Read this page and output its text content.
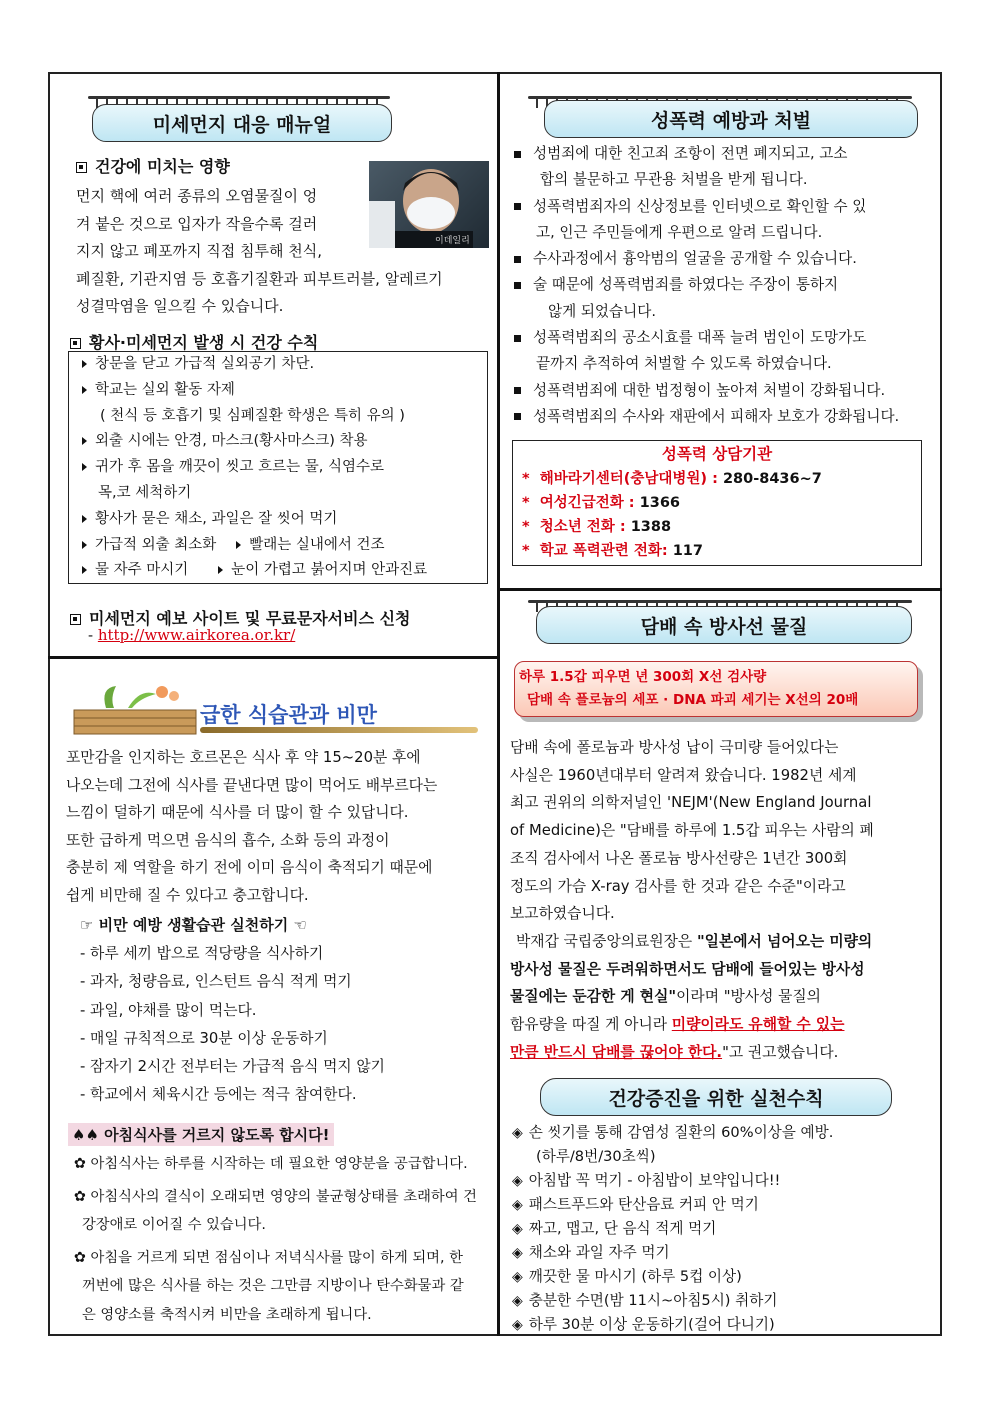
미세먼지 대응 매뉴얼
건강에 미치는 영향
먼지 핵에 여러 종류의 오염물질이 엉
겨 붙은 것으로 입자가 작을수록 걸러
지지 않고 폐포까지 직접 침투해 천식,
폐질환, 기관지염 등 호흡기질환과 피부트러블, 알레르기
성결막염을 일으킬 수 있습니다.
이데일리
황사·미세먼지 발생 시 건강 수칙
창문을 닫고 가급적 실외공기 차단.
학교는 실외 활동 자제
( 천식 등 호흡기 및 심폐질환 학생은 특히 유의 )
외출 시에는 안경, 마스크(황사마스크) 착용
귀가 후 몸을 깨끗이 씻고 흐르는 물, 식염수로
목,코 세척하기
황사가 묻은 채소, 과일은 잘 씻어 먹기
가급적 외출 최소화 빨래는 실내에서 건조
물 자주 마시기	눈이 가렵고 붉어지며 안과진료
미세먼지 예보 사이트 및 무료문자서비스 신청
- http://www.airkorea.or.kr/
급한 식습관과 비만
포만감을 인지하는 호르몬은 식사 후 약 15~20분 후에
나오는데 그전에 식사를 끝낸다면 많이 먹어도 배부르다는
느낌이 덜하기 때문에 식사를 더 많이 할 수 있답니다.
또한 급하게 먹으면 음식의 흡수, 소화 등의 과정이
충분히 제 역할을 하기 전에 이미 음식이 축적되기 때문에
쉽게 비만해 질 수 있다고 충고합니다.
☞ 비만 예방 생활습관 실천하기 ☜
- 하루 세끼 밥으로 적당량을 식사하기
- 과자, 청량음료, 인스턴트 음식 적게 먹기
- 과일, 야채를 많이 먹는다.
- 매일 규칙적으로 30분 이상 운동하기
- 잠자기 2시간 전부터는 가급적 음식 먹지 않기
- 학교에서 체육시간 등에는 적극 참여한다.
♠♠ 아침식사를 거르지 않도록 합시다!
✿ 아침식사는 하루를 시작하는 데 필요한 영양분을 공급합니다.
✿ 아침식사의 결식이 오래되면 영양의 불균형상태를 초래하여 건
강장애로 이어질 수 있습니다.
✿ 아침을 거르게 되면 점심이나 저녁식사를 많이 하게 되며, 한
꺼번에 많은 식사를 하는 것은 그만큼 지방이나 탄수화물과 같
은 영양소를 축적시켜 비만을 초래하게 됩니다.
성폭력 예방과 처벌
성범죄에 대한 친고죄 조항이 전면 폐지되고, 고소
합의 불문하고 무관용 처벌을 받게 됩니다.
성폭력범죄자의 신상정보를 인터넷으로 확인할 수 있
고, 인근 주민들에게 우편으로 알려 드립니다.
수사과정에서 흉악범의 얼굴을 공개할 수 있습니다.
술 때문에 성폭력범죄를 하였다는 주장이 통하지
않게 되었습니다.
성폭력범죄의 공소시효를 대폭 늘려 범인이 도망가도
끝까지 추적하여 처벌할 수 있도록 하였습니다.
성폭력범죄에 대한 법정형이 높아져 처벌이 강화됩니다.
성폭력범죄의 수사와 재판에서 피해자 보호가 강화됩니다.
성폭력 상담기관
* 해바라기센터(충남대병원) : 280-8436~7
* 여성긴급전화 : 1366
* 청소년 전화 : 1388
* 학교 폭력관련 전화: 117
담배 속 방사선 물질
하루 1.5갑 피우면 년 300회 X선 검사량
담배 속 플로늄의 세포 · DNA 파괴 세기는 X선의 20배
담배 속에 폴로늄과 방사성 납이 극미량 들어있다는
사실은 1960년대부터 알려져 왔습니다. 1982년 세계
최고 권위의 의학저널인 'NEJM'(New England Journal
of Medicine)은 "담배를 하루에 1.5갑 피우는 사람의 폐
조직 검사에서 나온 폴로늄 방사선량은 1년간 300회
정도의 가슴 X-ray 검사를 한 것과 같은 수준"이라고
보고하였습니다.
박재갑 국립중앙의료원장은 "일본에서 넘어오는 미량의
방사성 물질은 두려워하면서도 담배에 들어있는 방사성
물질에는 둔감한 게 현실"이라며 "방사성 물질의
함유량을 따질 게 아니라 미량이라도 유해할 수 있는
만큼 반드시 담배를 끊어야 한다."고 권고했습니다.
건강증진을 위한 실천수칙
◈ 손 씻기를 통해 감염성 질환의 60%이상을 예방.
(하루/8번/30초씩)
◈ 아침밥 꼭 먹기 - 아침밥이 보약입니다!!
◈ 패스트푸드와 탄산음료 커피 안 먹기
◈ 짜고, 맵고, 단 음식 적게 먹기
◈ 채소와 과일 자주 먹기
◈ 깨끗한 물 마시기 (하루 5컵 이상)
◈ 충분한 수면(밤 11시~아침5시) 취하기
◈ 하루 30분 이상 운동하기(걸어 다니기)
